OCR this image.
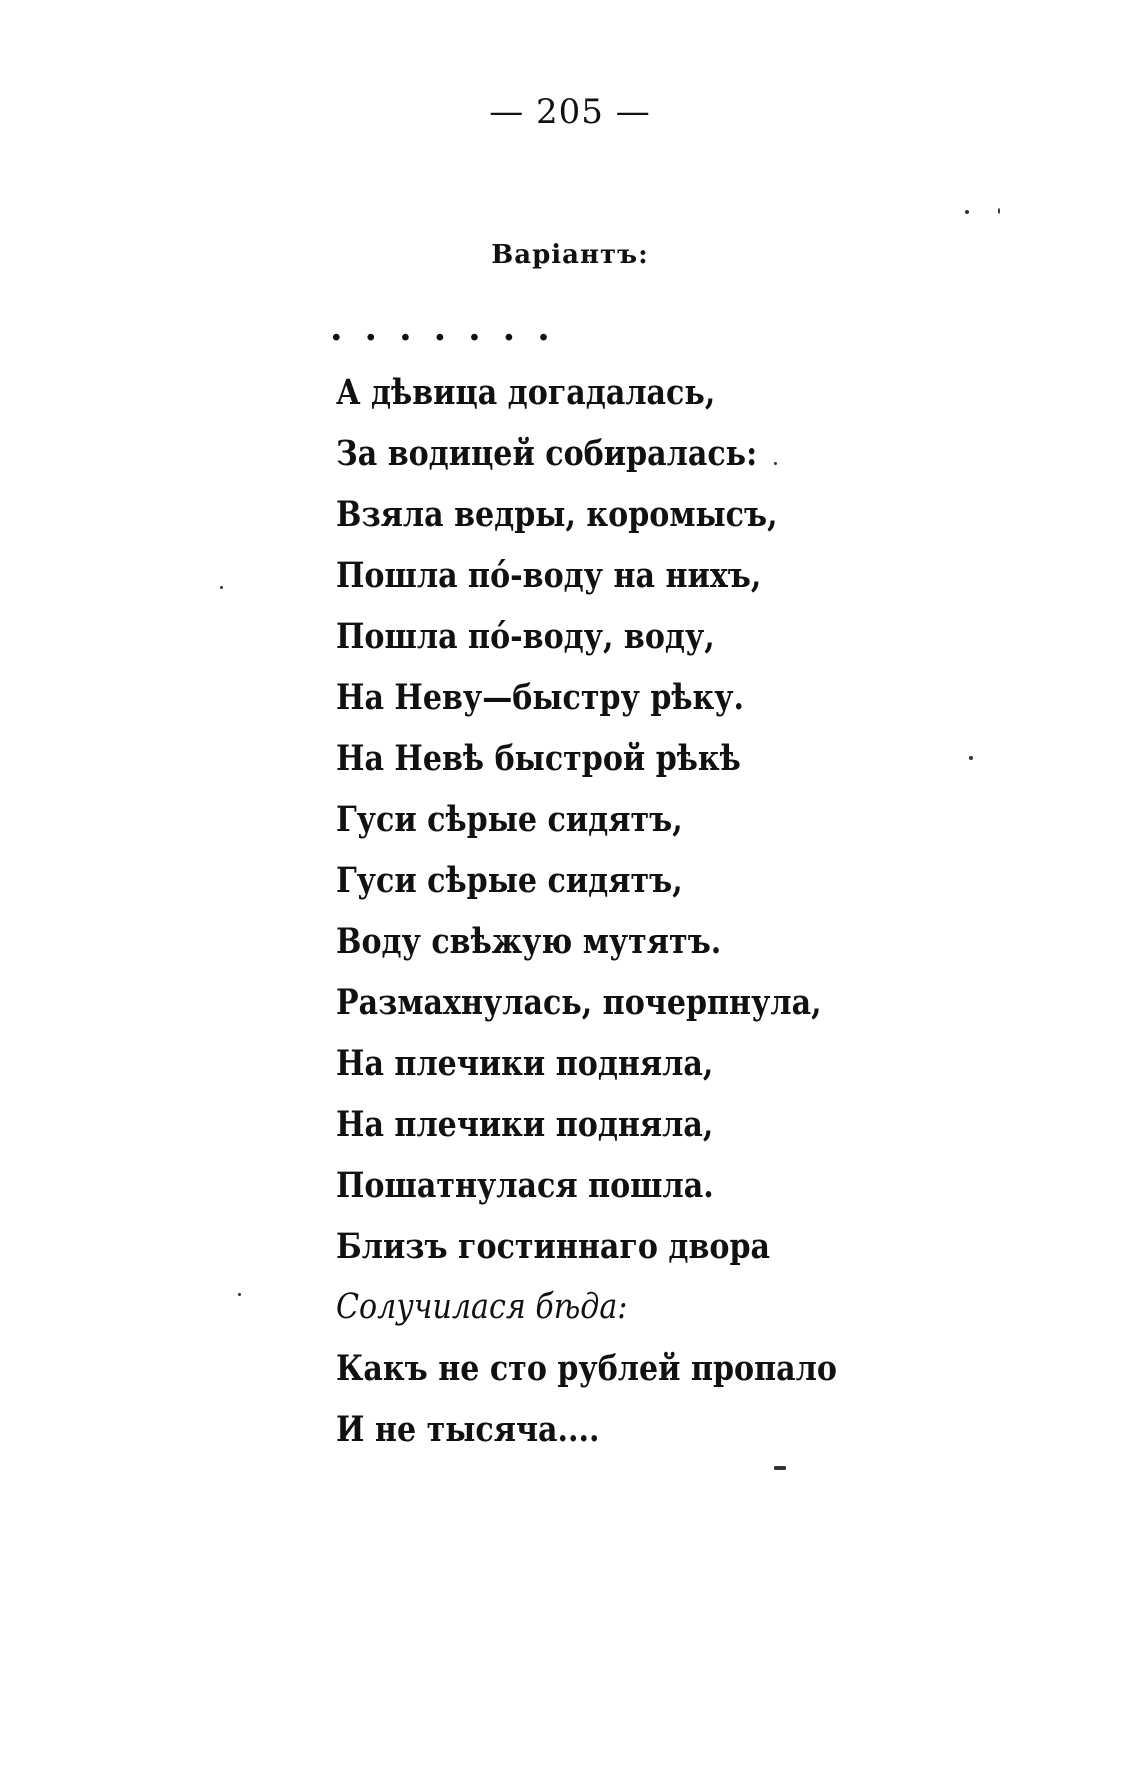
— 205 —
Варіантъ:
.......
А дѣвица догадалась,
За водицей собиралась:
Взяла ведры, коромысъ,
Пошла по́-воду на нихъ,
Пошла по́-воду, воду,
На Неву—быстру рѣку.
На Невѣ быстрой рѣкѣ
Гуси сѣрые сидятъ,
Гуси сѣрые сидятъ,
Воду свѣжую мутятъ.
Размахнулась, почерпнула,
На плечики подняла,
На плечики подняла,
Пошатнулася пошла.
Близъ гостиннаго двора
Солучилася бѣда:
Какъ не сто рублей пропало
И не тысяча....
